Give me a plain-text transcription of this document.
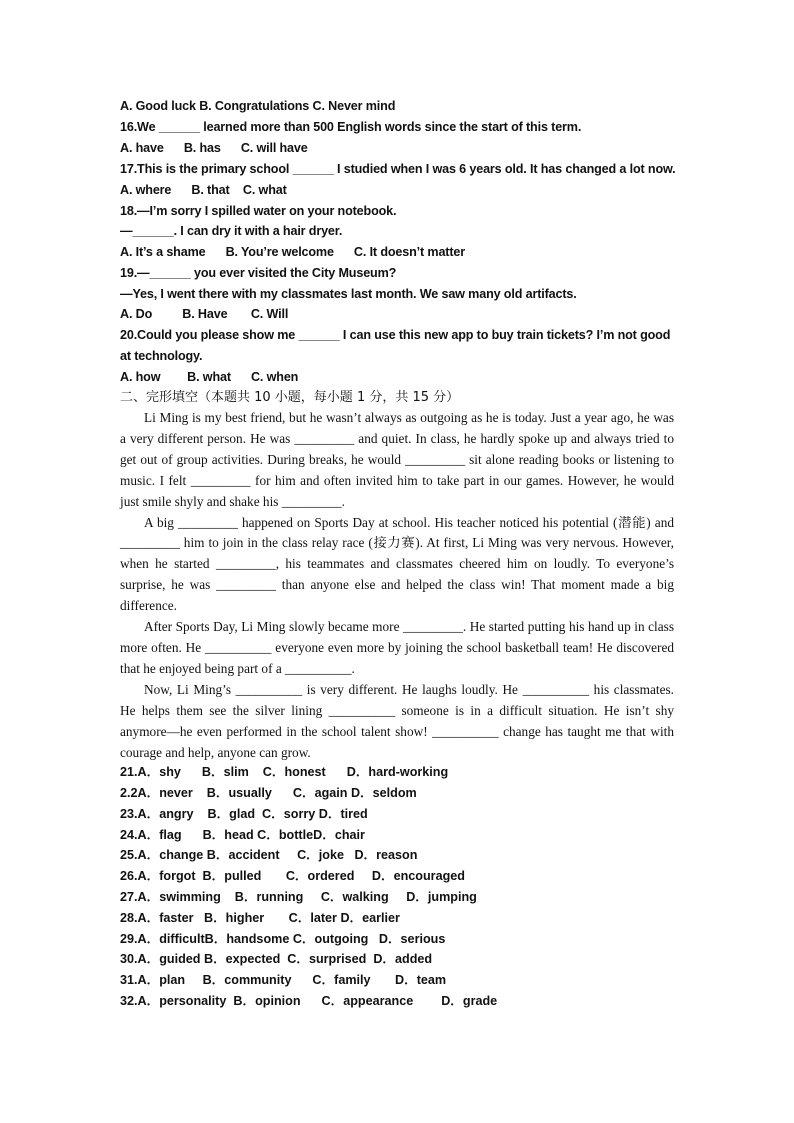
A. Good luck B. Congratulations C. Never mind
16.We ______ learned more than 500 English words since the start of this term.
A. have      B. has      C. will have
17.This is the primary school ______ I studied when I was 6 years old. It has changed a lot now.
A. where      B. that    C. what
18.—I’m sorry I spilled water on your notebook.
—______. I can dry it with a hair dryer.
A. It’s a shame      B. You’re welcome      C. It doesn’t matter
19.—______ you ever visited the City Museum?
—Yes, I went there with my classmates last month. We saw many old artifacts.
A. Do         B. Have       C. Will
20.Could you please show me ______ I can use this new app to buy train tickets? I’m not good
at technology.
A. how        B. what      C. when
二、完形填空（本题共 10 小题，每小题 1 分，共 15 分）

Li Ming is my best friend, but he wasn’t always as outgoing as he is today. Just a year ago, he was a very different person. He was _________ and quiet. In class, he hardly spoke up and always tried to get out of group activities. During breaks, he would _________ sit alone reading books or listening to music. I felt _________ for him and often invited him to take part in our games. However, he would just smile shyly and shake his _________.

A big _________ happened on Sports Day at school. His teacher noticed his potential (潜能) and _________ him to join in the class relay race (接力赛). At first, Li Ming was very nervous. However, when he started _________, his teammates and classmates cheered him on loudly. To everyone’s surprise, he was _________ than anyone else and helped the class win! That moment made a big difference.

After Sports Day, Li Ming slowly became more _________. He started putting his hand up in class more often. He __________ everyone even more by joining the school basketball team! He discovered that he enjoyed being part of a __________.

Now, Li Ming’s __________ is very different. He laughs loudly. He __________ his classmates. He helps them see the silver lining __________ someone is in a difficult situation. He isn’t shy anymore—he even performed in the school talent show! __________ change has taught me that with courage and help, anyone can grow.

21.A．shy      B．slim    C．honest      D．hard-working
2.2A．never    B．usually      C．again D．seldom
23.A．angry    B．glad  C．sorry D．tired
24.A．flag      B．head C．bottleD．chair
25.A．change B．accident     C．joke   D．reason
26.A．forgot  B．pulled       C．ordered     D．encouraged
27.A．swimming    B．running     C．walking     D．jumping
28.A．faster   B．higher       C．later D．earlier
29.A．difficultB．handsome C．outgoing   D．serious
30.A．guided B．expected  C．surprised  D．added
31.A．plan     B．community      C．family       D．team
32.A．personality  B．opinion      C．appearance        D．grade
